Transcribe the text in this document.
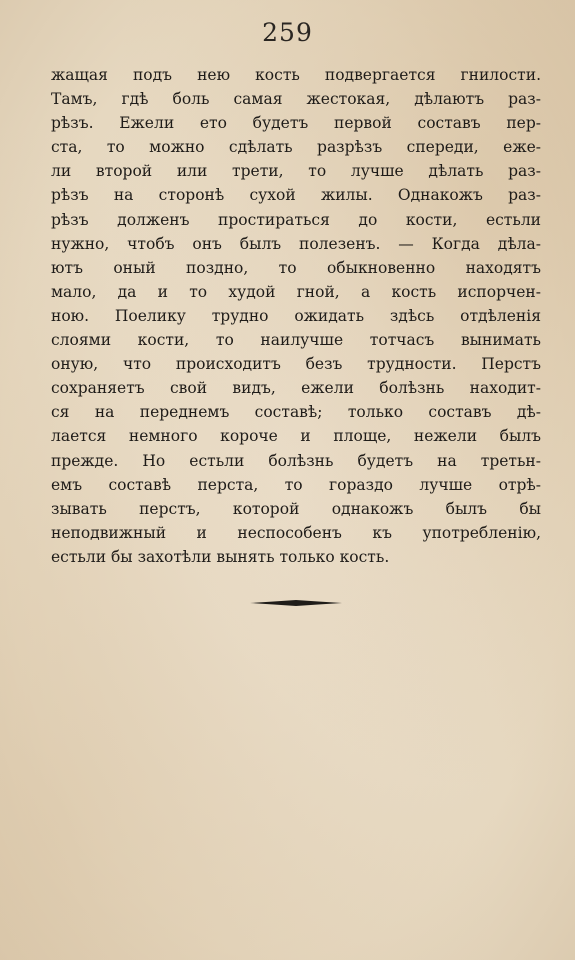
259
жащая подъ нею кость подвергается гнилости.
Тамъ, гдѣ боль самая жестокая, дѣлаютъ раз-
рѣзъ. Ежели ето будетъ первой составъ пер-
ста, то можно сдѣлать разрѣзъ спереди, еже-
ли второй или трети, то лучше дѣлать раз-
рѣзъ на сторонѣ сухой жилы. Однакожъ раз-
рѣзъ долженъ простираться до кости, естьли
нужно, чтобъ онъ былъ полезенъ. — Когда дѣла-
ютъ оный поздно, то обыкновенно находятъ
мало, да и то худой гной, а кость испорчен-
ною. Поелику трудно ожидать здѣсь отдѣленія
слоями кости, то наилучше тотчасъ вынимать
оную, что происходитъ безъ трудности. Перстъ
сохраняетъ свой видъ, ежели болѣзнь находит-
ся на переднемъ составѣ; только составъ дѣ-
лается немного короче и площе, нежели былъ
прежде. Но естьли болѣзнь будетъ на третьн-
емъ составѣ перста, то гораздо лучше отрѣ-
зывать перстъ, которой однакожъ былъ бы
неподвижный и неспособенъ къ употребленію,
естьли бы захотѣли вынять только кость.
